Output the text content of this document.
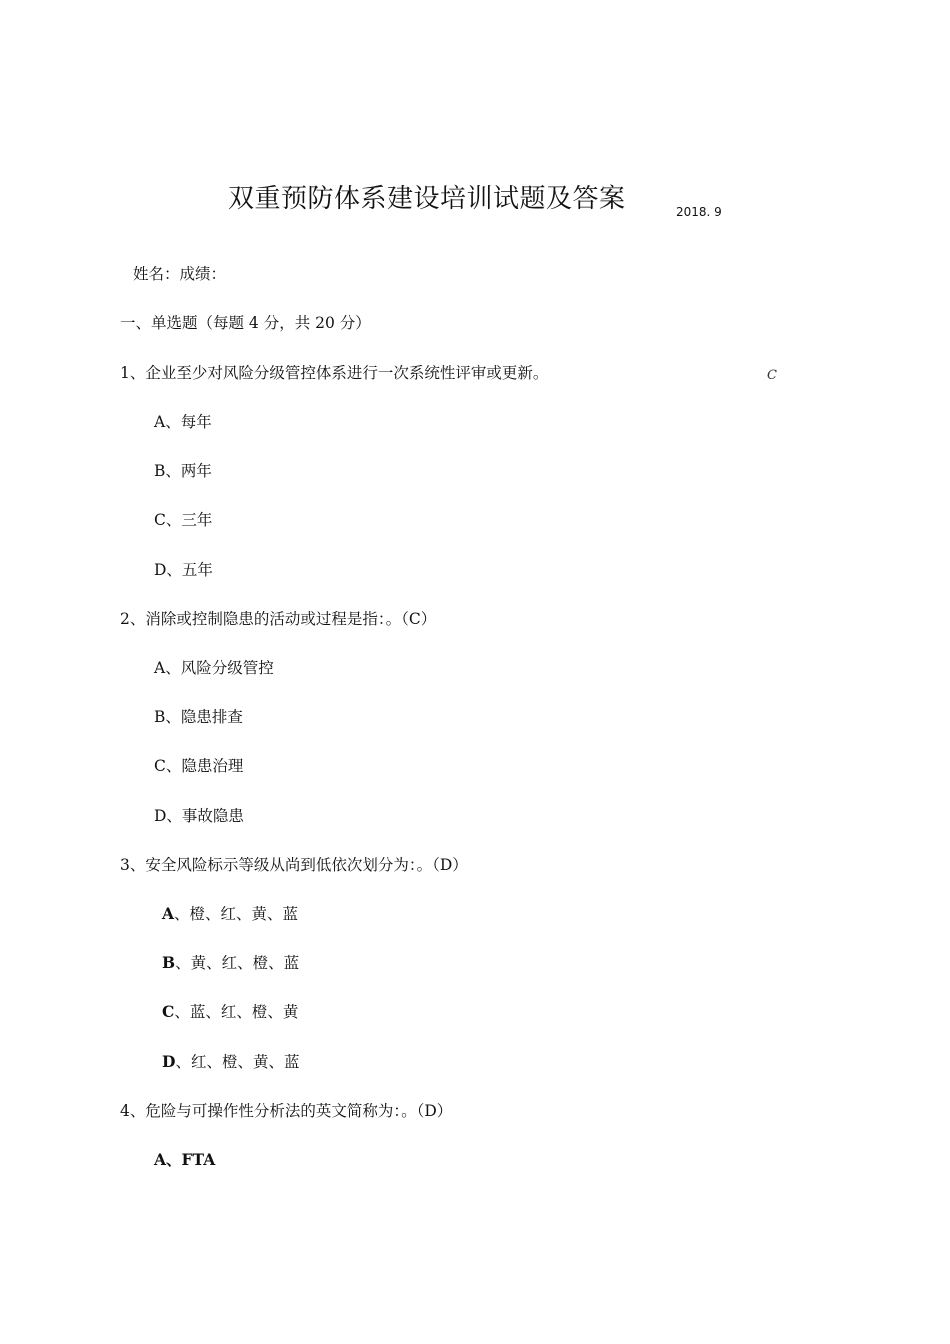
双重预防体系建设培训试题及答案	2018. 9
姓名：成绩：
一、单选题（每题 4 分，共 20 分）
1、企业至少对风险分级管控体系进行一次系统性评审或更新。	C
A、每年
B、两年
C、三年
D、五年
2、消除或控制隐患的活动或过程是指：。（C）
A、风险分级管控
B、隐患排查
C、隐患治理
D、事故隐患
3、安全风险标示等级从尚到低依次划分为：。（D）
A、橙、红、黄、蓝
B、黄、红、橙、蓝
C、蓝、红、橙、黄
D、红、橙、黄、蓝
4、危险与可操作性分析法的英文简称为：。（D）
A、FTA
